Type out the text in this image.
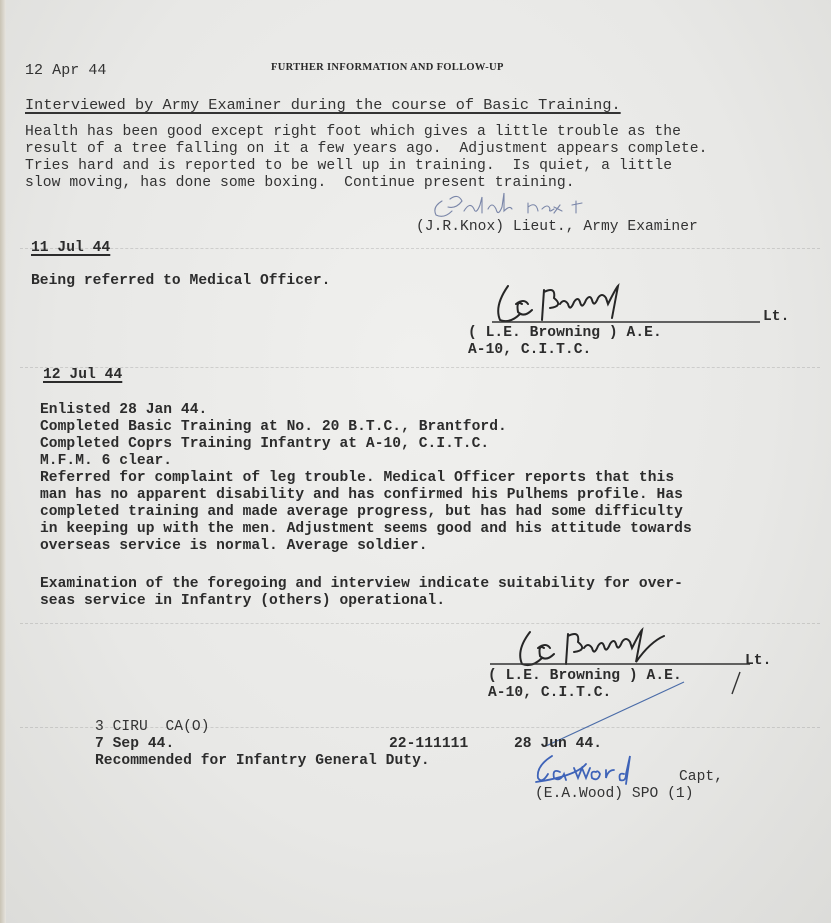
12 Apr 44	FURTHER INFORMATION AND FOLLOW-UP
Interviewed by Army Examiner during the course of Basic Training.
Health has been good except right foot which gives a little trouble as the
result of a tree falling on it a few years ago.  Adjustment appears complete.
Tries hard and is reported to be well up in training.  Is quiet, a little
slow moving, has done some boxing.  Continue present training.
(J.R.Knox) Lieut., Army Examiner
11 Jul 44
Being referred to Medical Officer.
Lt.
( L.E. Browning ) A.E.
A-10, C.I.T.C.
12 Jul 44
Enlisted 28 Jan 44.
Completed Basic Training at No. 20 B.T.C., Brantford.
Completed Coprs Training Infantry at A-10, C.I.T.C.
M.F.M. 6 clear.
Referred for complaint of leg trouble. Medical Officer reports that this
man has no apparent disability and has confirmed his Pulhems profile. Has
completed training and made average progress, but has had some difficulty
in keeping up with the men. Adjustment seems good and his attitude towards
overseas service is normal. Average soldier.
Examination of the foregoing and interview indicate suitability for over-
seas service in Infantry (others) operational.
Lt.
( L.E. Browning ) A.E.
A-10, C.I.T.C.
3 CIRU  CA(O)
7 Sep 44.	22-111111	28 Jun 44.
Recommended for Infantry General Duty.
Capt,
(E.A.Wood) SPO (1)
